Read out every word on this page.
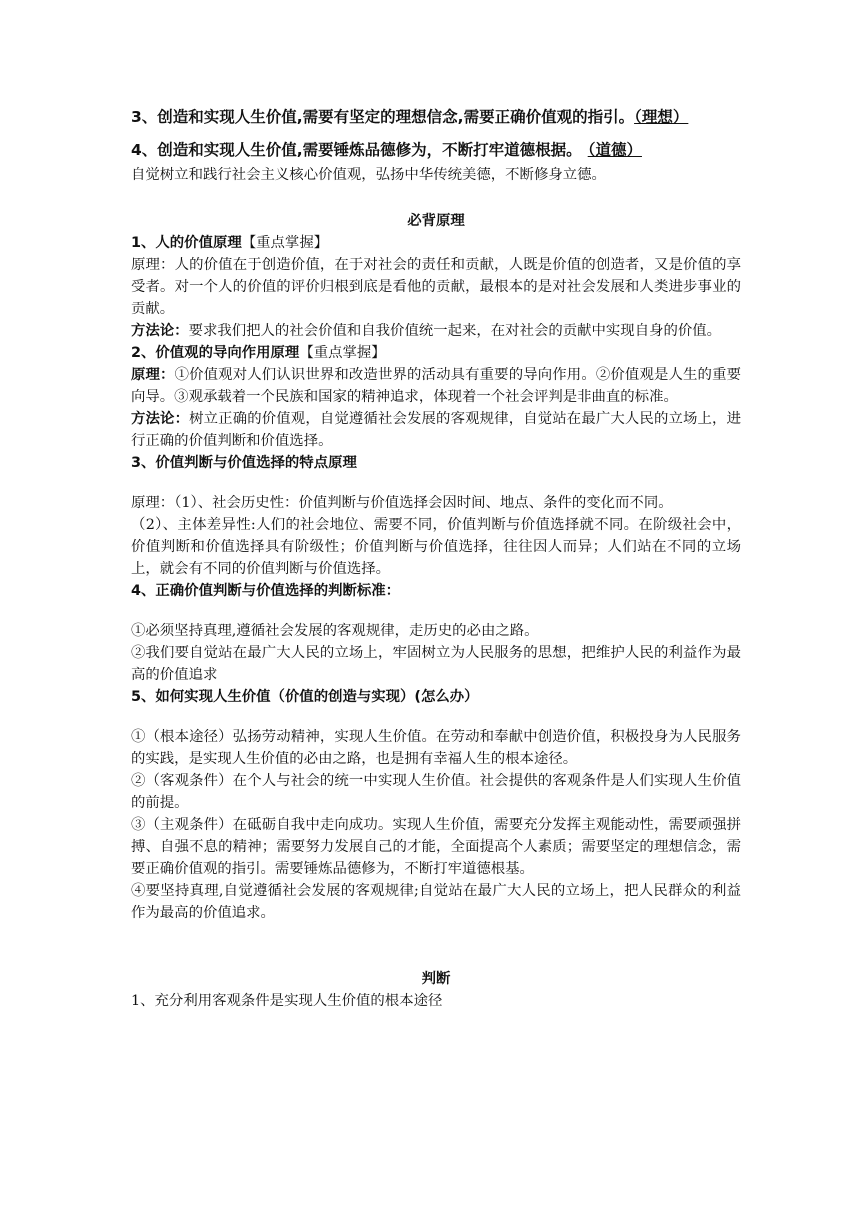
3、创造和实现人生价值,需要有坚定的理想信念,需要正确价值观的指引。（理想）

4、创造和实现人生价值,需要锤炼品德修为，不断打牢道德根据。 （道德）

自觉树立和践行社会主义核心价值观，弘扬中华传统美德，不断修身立德。

必背原理

1、人的价值原理【重点掌握】

原理：人的价值在于创造价值，在于对社会的责任和贡献，人既是价值的创造者，又是价值的享受者。对一个人的价值的评价归根到底是看他的贡献，最根本的是对社会发展和人类进步事业的贡献。

方法论：要求我们把人的社会价值和自我价值统一起来，在对社会的贡献中实现自身的价值。

2、价值观的导向作用原理【重点掌握】

原理：①价值观对人们认识世界和改造世界的活动具有重要的导向作用。②价值观是人生的重要向导。③观承载着一个民族和国家的精神追求，体现着一个社会评判是非曲直的标准。

方法论：树立正确的价值观，自觉遵循社会发展的客观规律，自觉站在最广大人民的立场上，进行正确的价值判断和价值选择。

3、价值判断与价值选择的特点原理

原理：（1）、社会历史性：价值判断与价值选择会因时间、地点、条件的变化而不同。

（2）、主体差异性:人们的社会地位、需要不同，价值判断与价值选择就不同。在阶级社会中，价值判断和价值选择具有阶级性；价值判断与价值选择，往往因人而异；人们站在不同的立场上，就会有不同的价值判断与价值选择。

4、正确价值判断与价值选择的判断标准：

①必须坚持真理,遵循社会发展的客观规律，走历史的必由之路。

②我们要自觉站在最广大人民的立场上，牢固树立为人民服务的思想，把维护人民的利益作为最高的价值追求

5、如何实现人生价值（价值的创造与实现）(怎么办）

①（根本途径）弘扬劳动精神，实现人生价值。在劳动和奉献中创造价值，积极投身为人民服务的实践，是实现人生价值的必由之路，也是拥有幸福人生的根本途径。

②（客观条件）在个人与社会的统一中实现人生价值。社会提供的客观条件是人们实现人生价值的前提。

③（主观条件）在砥砺自我中走向成功。实现人生价值，需要充分发挥主观能动性，需要顽强拼搏、自强不息的精神；需要努力发展自己的才能，全面提高个人素质；需要坚定的理想信念，需要正确价值观的指引。需要锤炼品德修为，不断打牢道德根基。

④要坚持真理,自觉遵循社会发展的客观规律;自觉站在最广大人民的立场上，把人民群众的利益作为最高的价值追求。

判断

1、充分利用客观条件是实现人生价值的根本途径
